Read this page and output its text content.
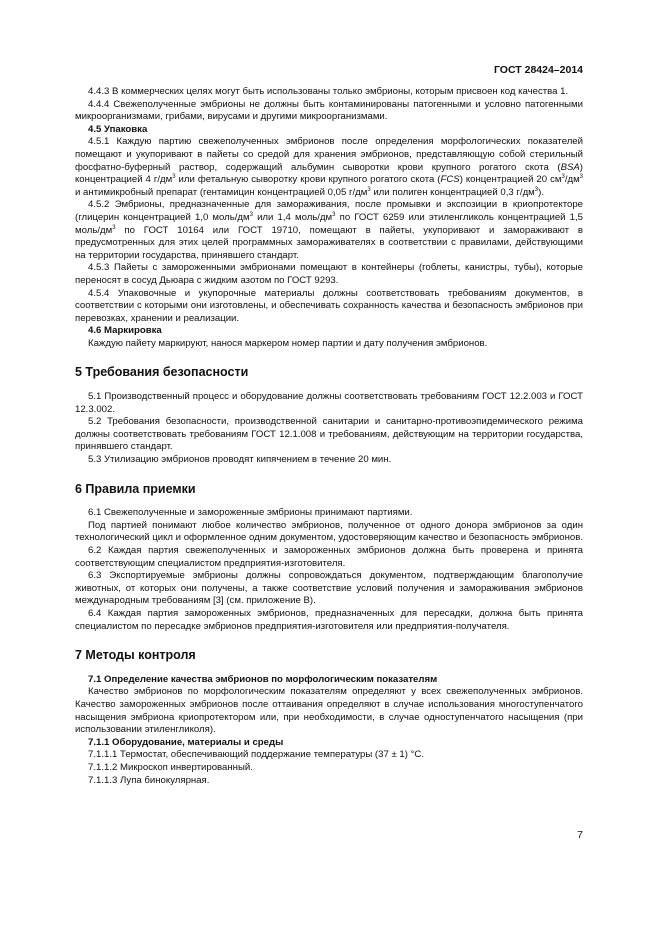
ГОСТ 28424–2014

4.4.3 В коммерческих целях могут быть использованы только эмбрионы, которым присвоен код качества 1.

4.4.4 Свежеполученные эмбрионы не должны быть контаминированы патогенными и условно патогенными микроорганизмами, грибами, вирусами и другими микроорганизмами.

4.5 Упаковка

4.5.1 Каждую партию свежеполученных эмбрионов после определения морфологических показателей помещают и укупоривают в пайеты со средой для хранения эмбрионов, представляющую собой стерильный фосфатно-буферный раствор, содержащий альбумин сыворотки крови крупного рогатого скота (BSA) концентрацией 4 $г/дм^3$ или фетальную сыворотку крови крупного рогатого скота (FCS) концентрацией 20 $см^3/дм^3$ и антимикробный препарат (гентамицин концентрацией 0,05 $г/дм^3$ или полиген концентрацией 0,3 $г/дм^3$).

4.5.2 Эмбрионы, предназначенные для замораживания, после промывки и экспозиции в криопротекторе (глицерин концентрацией 1,0 моль/$дм^3$ или 1,4 моль/$дм^3$ по ГОСТ 6259 или этиленгликоль концентрацией 1,5 моль/$дм^3$ по ГОСТ 10164 или ГОСТ 19710, помещают в пайеты, укупоривают и замораживают в предусмотренных для этих целей программных замораживателях в соответствии с правилами, действующими на территории государства, принявшего стандарт.

4.5.3 Пайеты с замороженными эмбрионами помещают в контейнеры (гоблеты, канистры, тубы), которые переносят в сосуд Дьюара с жидким азотом по ГОСТ 9293.

4.5.4 Упаковочные и укупорочные материалы должны соответствовать требованиям документов, в соответствии с которыми они изготовлены, и обеспечивать сохранность качества и безопасность эмбрионов при перевозках, хранении и реализации.

4.6 Маркировка

Каждую пайету маркируют, нанося маркером номер партии и дату получения эмбрионов.

5 Требования безопасности

5.1 Производственный процесс и оборудование должны соответствовать требованиям ГОСТ 12.2.003 и ГОСТ 12.3.002.

5.2 Требования безопасности, производственной санитарии и санитарно-противоэпидемического режима должны соответствовать требованиям ГОСТ 12.1.008 и требованиям, действующим на территории государства, принявшего стандарт.

5.3 Утилизацию эмбрионов проводят кипячением в течение 20 мин.

6 Правила приемки

6.1 Свежеполученные и замороженные эмбрионы принимают партиями.

Под партией понимают любое количество эмбрионов, полученное от одного донора эмбрионов за один технологический цикл и оформленное одним документом, удостоверяющим качество и безопасность эмбрионов.

6.2 Каждая партия свежеполученных и замороженных эмбрионов должна быть проверена и принята соответствующим специалистом предприятия-изготовителя.

6.3 Экспортируемые эмбрионы должны сопровождаться документом, подтверждающим благополучие животных, от которых они получены, а также соответствие условий получения и замораживания эмбрионов международным требованиям [3] (см. приложение В).

6.4 Каждая партия замороженных эмбрионов, предназначенных для пересадки, должна быть принята специалистом по пересадке эмбрионов предприятия-изготовителя или предприятия-получателя.

7 Методы контроля

7.1 Определение качества эмбрионов по морфологическим показателям

Качество эмбрионов по морфологическим показателям определяют у всех свежеполученных эмбрионов. Качество замороженных эмбрионов после оттаивания определяют в случае использования многоступенчатого насыщения эмбриона криопротектором или, при необходимости, в случае одноступенчатого насыщения (при использовании этиленгликоля).

7.1.1 Оборудование, материалы и среды

7.1.1.1 Термостат, обеспечивающий поддержание температуры (37 ± 1) °С.

7.1.1.2 Микроскоп инвертированный.

7.1.1.3 Лупа бинокулярная.

7
